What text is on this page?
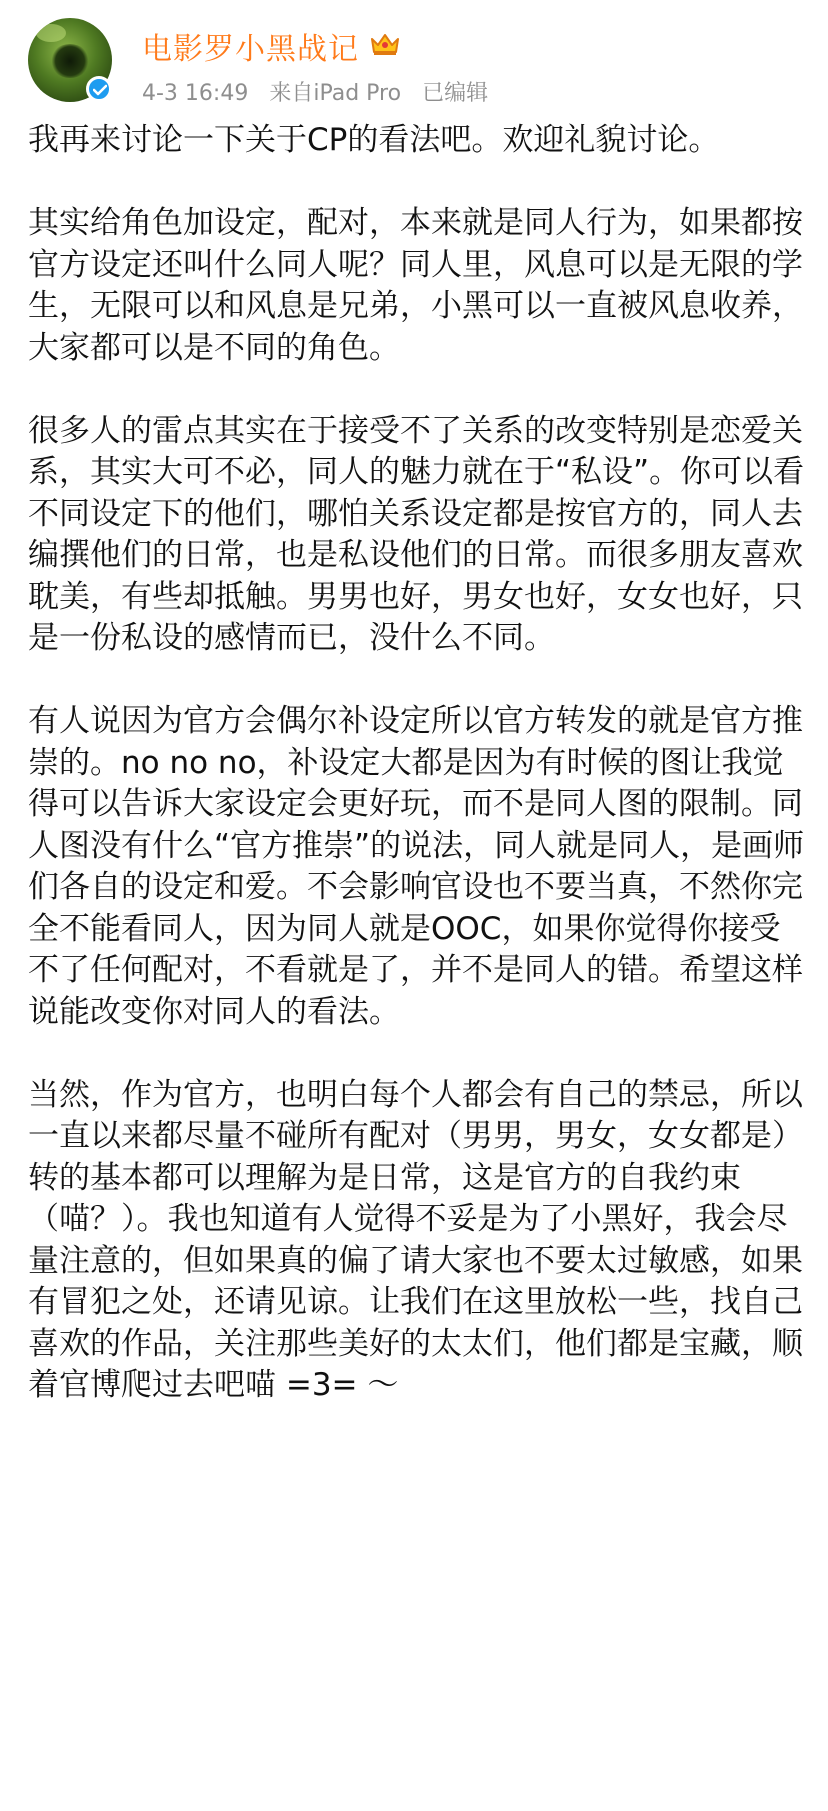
电影罗小黑战记
4-3 16:49 来自iPad Pro 已编辑

我再来讨论一下关于CP的看法吧。欢迎礼貌讨论。

其实给角色加设定，配对，本来就是同人行为，如果都按官方设定还叫什么同人呢？同人里，风息可以是无限的学生，无限可以和风息是兄弟，小黑可以一直被风息收养，大家都可以是不同的角色。

很多人的雷点其实在于接受不了关系的改变特别是恋爱关系，其实大可不必，同人的魅力就在于“私设”。你可以看不同设定下的他们，哪怕关系设定都是按官方的，同人去编撰他们的日常，也是私设他们的日常。而很多朋友喜欢耽美，有些却抵触。男男也好，男女也好，女女也好，只是一份私设的感情而已，没什么不同。

有人说因为官方会偶尔补设定所以官方转发的就是官方推崇的。no no no，补设定大都是因为有时候的图让我觉得可以告诉大家设定会更好玩，而不是同人图的限制。同人图没有什么“官方推崇”的说法，同人就是同人，是画师们各自的设定和爱。不会影响官设也不要当真，不然你完全不能看同人，因为同人就是OOC，如果你觉得你接受不了任何配对，不看就是了，并不是同人的错。希望这样说能改变你对同人的看法。

当然，作为官方，也明白每个人都会有自己的禁忌，所以一直以来都尽量不碰所有配对（男男，男女，女女都是）转的基本都可以理解为是日常，这是官方的自我约束（喵？）。我也知道有人觉得不妥是为了小黑好，我会尽量注意的，但如果真的偏了请大家也不要太过敏感，如果有冒犯之处，还请见谅。让我们在这里放松一些，找自己喜欢的作品，关注那些美好的太太们，他们都是宝藏，顺着官博爬过去吧喵 =3= ～
